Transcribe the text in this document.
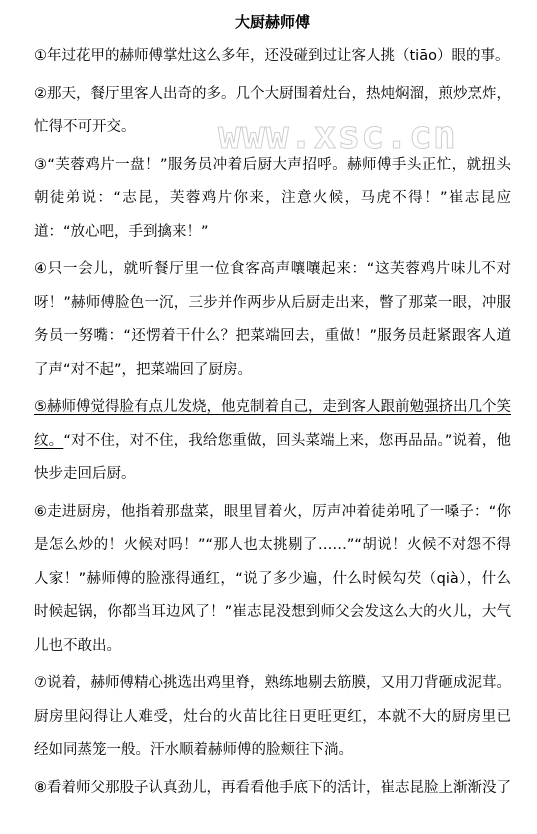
大厨赫师傅

①年过花甲的赫师傅掌灶这么多年，还没碰到过让客人挑（tiāo）眼的事。

②那天，餐厅里客人出奇的多。几个大厨围着灶台，热炖焖溜，煎炒烹炸，忙得不可开交。

③“芙蓉鸡片一盘！”服务员冲着后厨大声招呼。赫师傅手头正忙，就扭头朝徒弟说：“志昆，芙蓉鸡片你来，注意火候，马虎不得！”崔志昆应道：“放心吧，手到擒来！”

④只一会儿，就听餐厅里一位食客高声嚷嚷起来：“这芙蓉鸡片味儿不对呀！”赫师傅脸色一沉，三步并作两步从后厨走出来，瞥了那菜一眼，冲服务员一努嘴：“还愣着干什么？把菜端回去，重做！”服务员赶紧跟客人道了声“对不起”，把菜端回了厨房。

⑤赫师傅觉得脸有点儿发烧，他克制着自己，走到客人跟前勉强挤出几个笑纹。“对不住，对不住，我给您重做，回头菜端上来，您再品品。”说着，他快步走回后厨。

⑥走进厨房，他指着那盘菜，眼里冒着火，厉声冲着徒弟吼了一嗓子：“你是怎么炒的！火候对吗！”“那人也太挑剔了……”“胡说！火候不对怨不得人家！”赫师傅的脸涨得通红，“说了多少遍，什么时候勾芡（qià），什么时候起锅，你都当耳边风了！”崔志昆没想到师父会发这么大的火儿，大气儿也不敢出。

⑦说着，赫师傅精心挑选出鸡里脊，熟练地剔去筋膜，又用刀背砸成泥茸。厨房里闷得让人难受，灶台的火苗比往日更旺更红，本就不大的厨房里已经如同蒸笼一般。汗水顺着赫师傅的脸颊往下淌。

⑧看着师父那股子认真劲儿，再看看他手底下的活计，崔志昆脸上渐渐没了

www.xsc.cn
